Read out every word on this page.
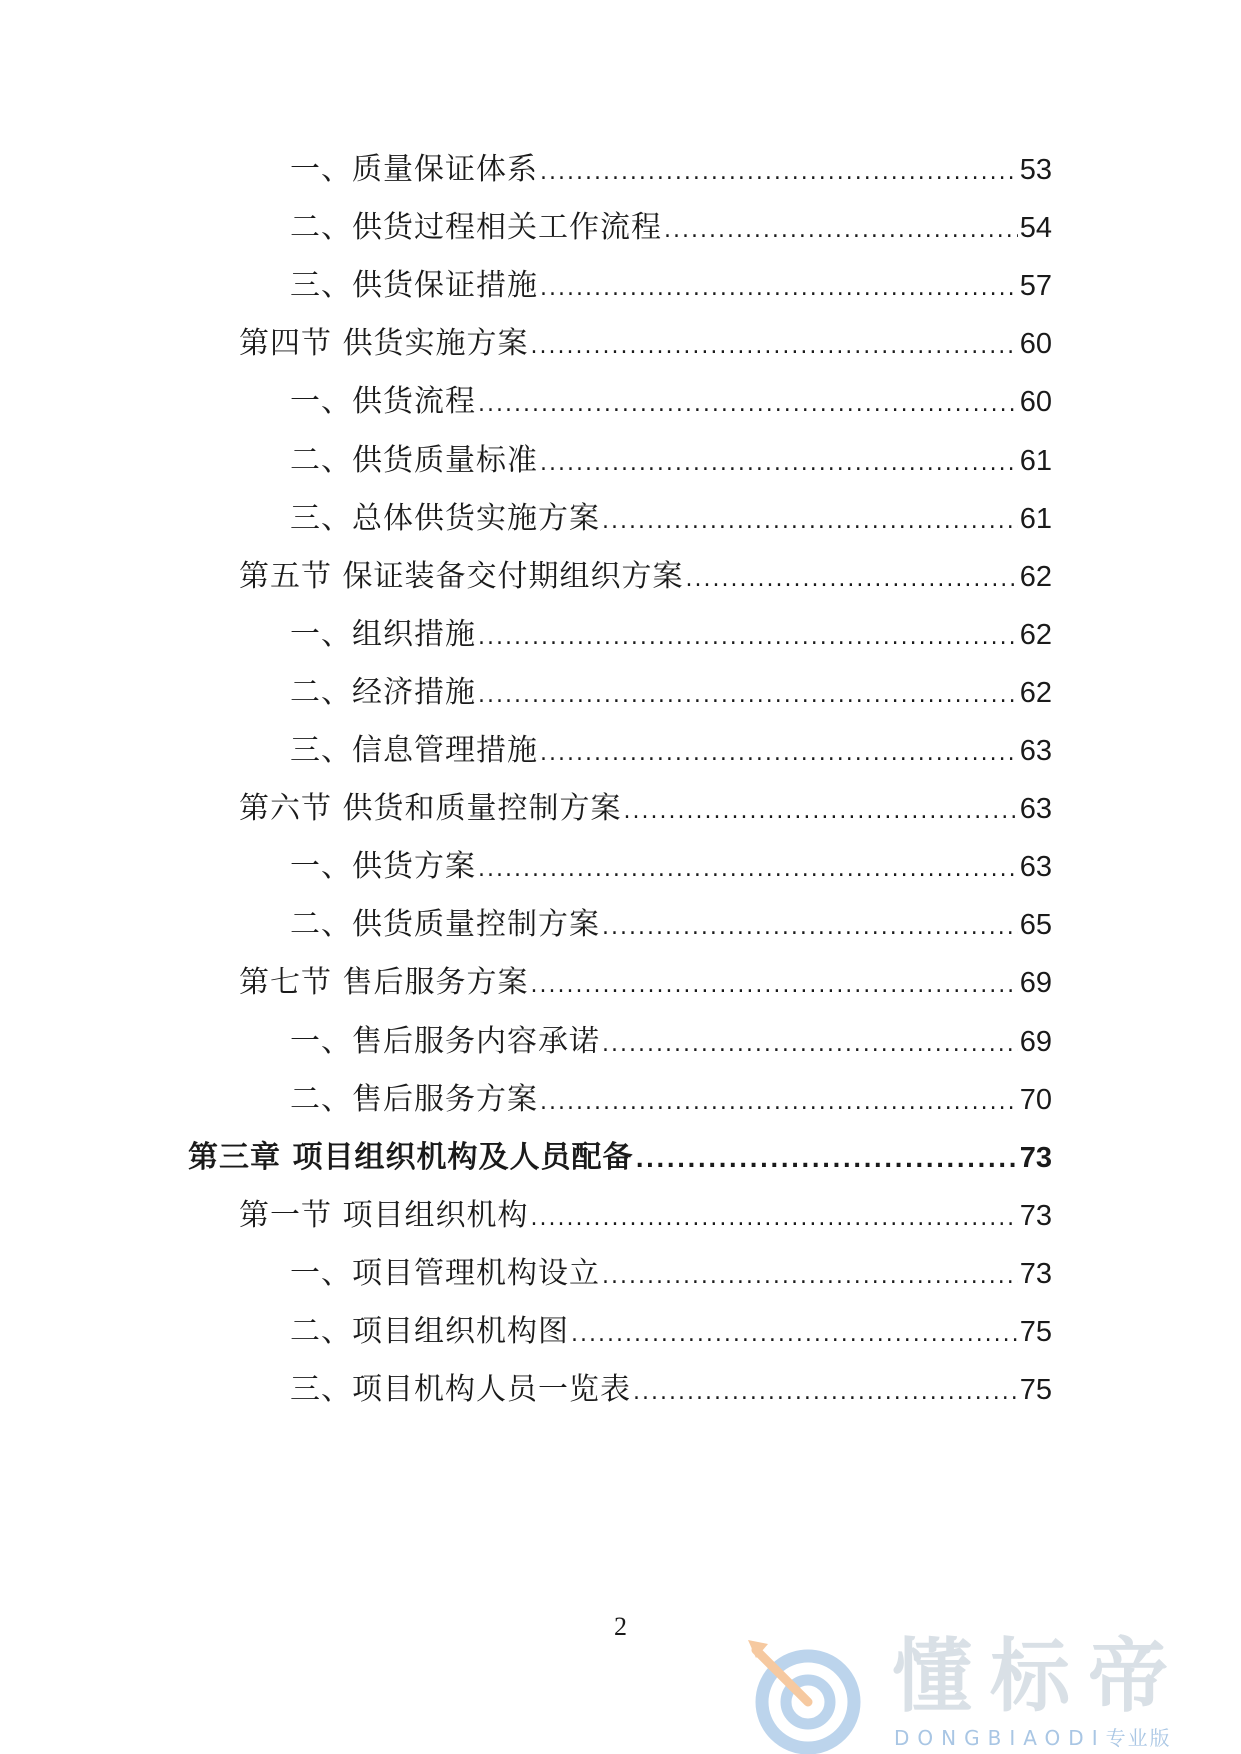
一、质量保证体系 .....	53
二、供货过程相关工作流程 .....	54
三、供货保证措施 .....	57
第四节 供货实施方案 .....	60
一、供货流程 .....	60
二、供货质量标准 .....	61
三、总体供货实施方案 .....	61
第五节 保证装备交付期组织方案 .....	62
一、组织措施 .....	62
二、经济措施 .....	62
三、信息管理措施 .....	63
第六节 供货和质量控制方案 .....	63
一、供货方案 .....	63
二、供货质量控制方案 .....	65
第七节 售后服务方案 .....	69
一、售后服务内容承诺 .....	69
二、售后服务方案 .....	70
第三章 项目组织机构及人员配备 .....	73
第一节 项目组织机构 .....	73
一、项目管理机构设立 .....	73
二、项目组织机构图 .....	75
三、项目机构人员一览表 .....	75
2
懂标帝
DONGBIAODI专业版
